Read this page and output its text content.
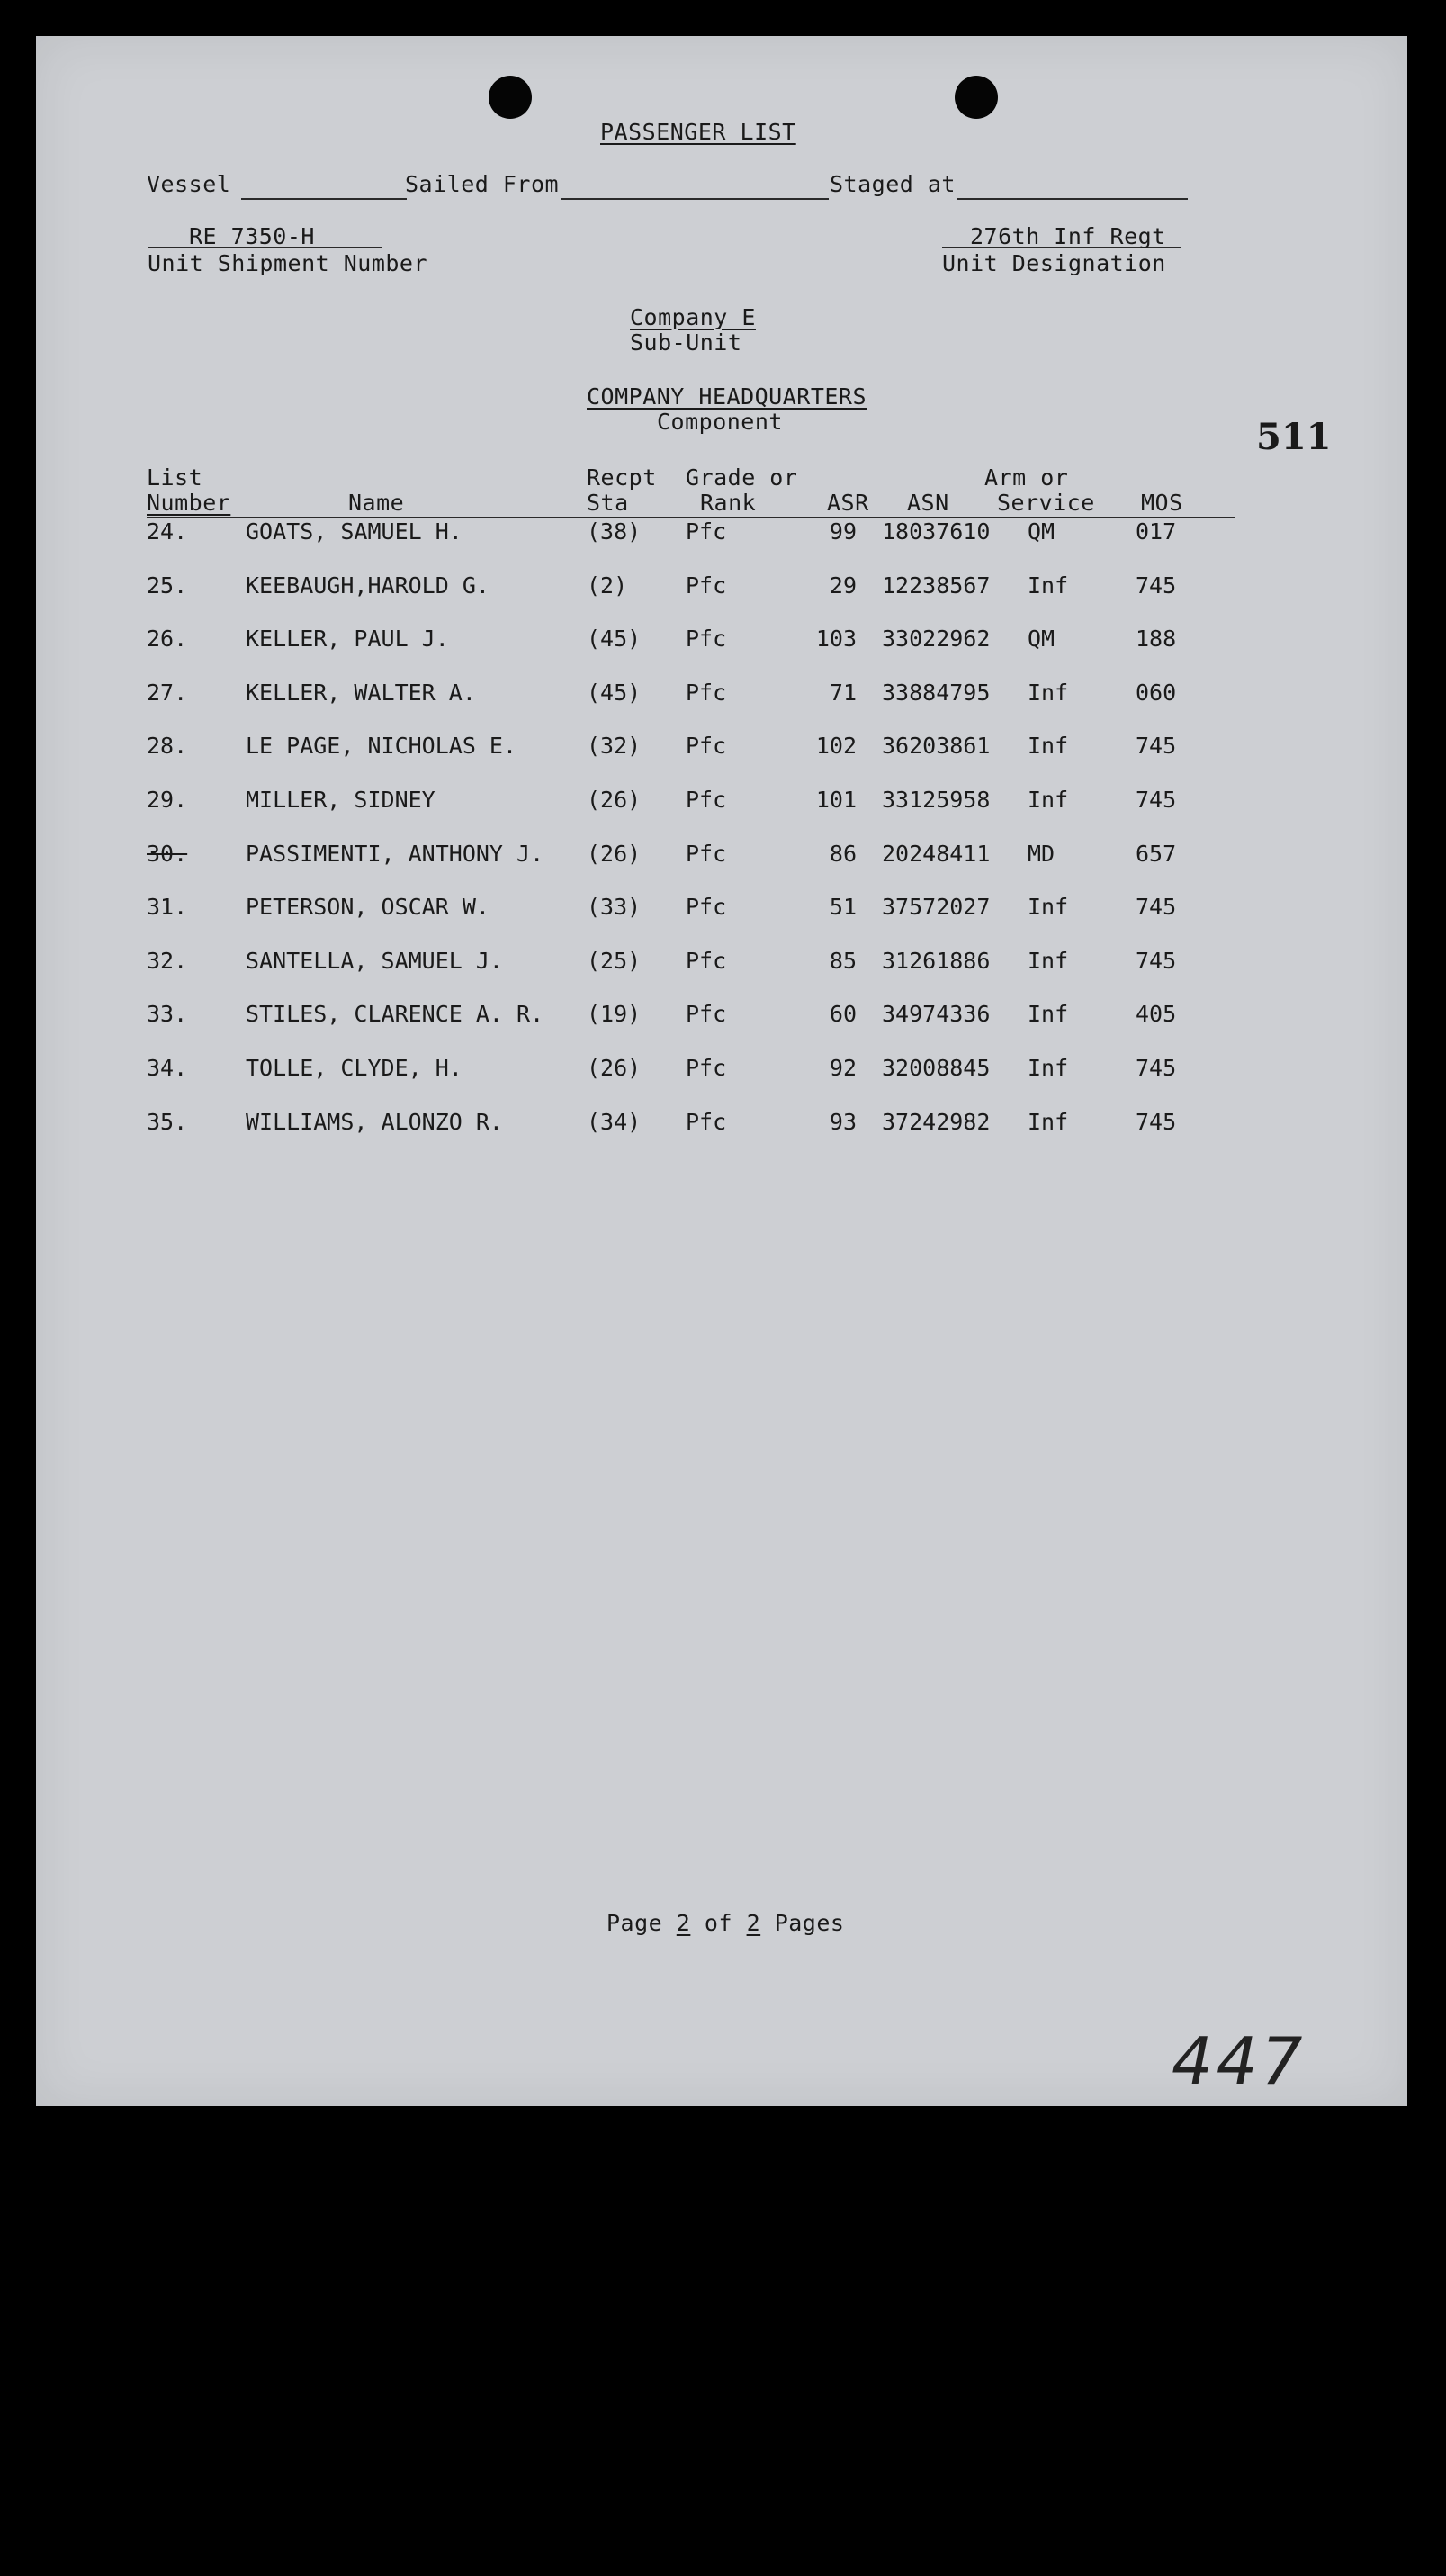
PASSENGER LIST
Vessel	Sailed From	Staged at
RE 7350-H
Unit Shipment Number
276th Inf Regt
Unit Designation
Company E
Sub-Unit
COMPANY HEADQUARTERS
Component	511
List
Number	Name
Recpt
Sta
Grade or
Rank	ASR ASN
Arm or
Service MOS
24.	GOATS, SAMUEL H.	(38) Pfc	99 18037610 QM	017
25.	KEEBAUGH,HAROLD G.	(2)	Pfc	29 12238567 Inf	745
26.	KELLER, PAUL J.	(45) Pfc	103 33022962 QM	188
27.	KELLER, WALTER A.	(45) Pfc	71 33884795 Inf	060
28.	LE PAGE, NICHOLAS E.	(32) Pfc	102 36203861 Inf	745
29.	MILLER, SIDNEY	(26) Pfc	101 33125958 Inf	745
30.	PASSIMENTI, ANTHONY J. (26) Pfc	86 20248411 MD	657
31.	PETERSON, OSCAR W.	(33) Pfc	51 37572027 Inf	745
32.	SANTELLA, SAMUEL J.	(25) Pfc	85 31261886 Inf	745
33.	STILES, CLARENCE A. R. (19) Pfc	60 34974336 Inf	405
34.	TOLLE, CLYDE, H.	(26) Pfc	92 32008845 Inf	745
35.	WILLIAMS, ALONZO R.	(34) Pfc	93 37242982 Inf	745
Page 2 of 2 Pages
447
